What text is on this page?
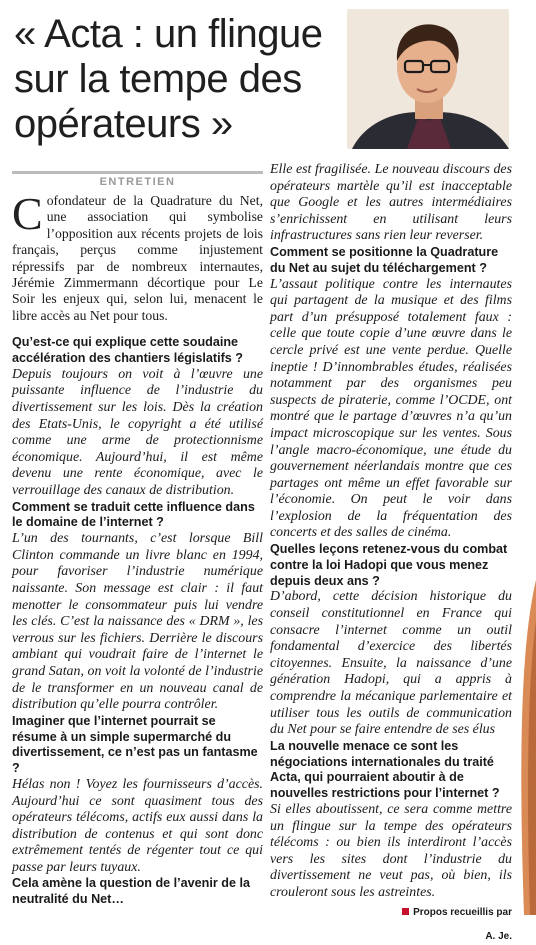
« Acta : un flingue sur la tempe des opérateurs »
ENTRETIEN

Cofondateur de la Quadrature du Net, une association qui symbolise l’opposition aux récents projets de lois français, perçus comme injustement répressifs par de nombreux internautes, Jérémie Zimmermann décortique pour Le Soir les enjeux qui, selon lui, menacent le libre accès au Net pour tous.

Qu’est-ce qui explique cette soudaine accélération des chantiers législatifs ?

Depuis toujours on voit à l’œuvre une puissante influence de l’industrie du divertissement sur les lois. Dès la création des Etats-Unis, le copyright a été utilisé comme une arme de protectionnisme économique. Aujourd’hui, il est même devenu une rente économique, avec le verrouillage des canaux de distribution.

Comment se traduit cette influence dans le domaine de l’internet ?

L’un des tournants, c’est lorsque Bill Clinton commande un livre blanc en 1994, pour favoriser l’industrie numérique naissante. Son message est clair : il faut menotter le consommateur puis lui vendre les clés. C’est la naissance des « DRM », les verrous sur les fichiers. Derrière le discours ambiant qui voudrait faire de l’internet le grand Satan, on voit la volonté de l’industrie de le transformer en un nouveau canal de distribution qu’elle pourra contrôler.

Imaginer que l’internet pourrait se résume à un simple supermarché du divertissement, ce n’est pas un fantasme ?

Hélas non ! Voyez les fournisseurs d’accès. Aujourd’hui ce sont quasiment tous des opérateurs télécoms, actifs eux aussi dans la distribution de contenus et qui sont donc extrêmement tentés de régenter tout ce qui passe par leurs tuyaux.

Cela amène la question de l’avenir de la neutralité du Net…

Elle est fragilisée. Le nouveau discours des opérateurs martèle qu’il est inacceptable que Google et les autres intermédiaires s’enrichissent en utilisant leurs infrastructures sans rien leur reverser.

Comment se positionne la Quadrature du Net au sujet du téléchargement ?

L’assaut politique contre les internautes qui partagent de la musique et des films part d’un présupposé totalement faux : celle que toute copie d’une œuvre dans le cercle privé est une vente perdue. Quelle ineptie ! D’innombrables études, réalisées notamment par des organismes peu suspects de piraterie, comme l’OCDE, ont montré que le partage d’œuvres n’a qu’un impact microscopique sur les ventes. Sous l’angle macro-économique, une étude du gouvernement néerlandais montre que ces partages ont même un effet favorable sur l’économie. On peut le voir dans l’explosion de la fréquentation des concerts et des salles de cinéma.

Quelles leçons retenez-vous du combat contre la loi Hadopi que vous menez depuis deux ans ?

D’abord, cette décision historique du conseil constitutionnel en France qui consacre l’internet comme un outil fondamental d’exercice des libertés citoyennes. Ensuite, la naissance d’une génération Hadopi, qui a appris à comprendre la mécanique parlementaire et utiliser tous les outils de communication du Net pour se faire entendre de ses élus

La nouvelle menace ce sont les négociations internationales du traité Acta, qui pourraient aboutir à de nouvelles restrictions pour l’internet ?

Si elles aboutissent, ce sera comme mettre un flingue sur la tempe des opérateurs télécoms : ou bien ils interdiront l’accès vers les sites dont l’industrie du divertissement ne veut pas, où bien, ils crouleront sous les astreintes.

Propos recueillis par
A. Je.
